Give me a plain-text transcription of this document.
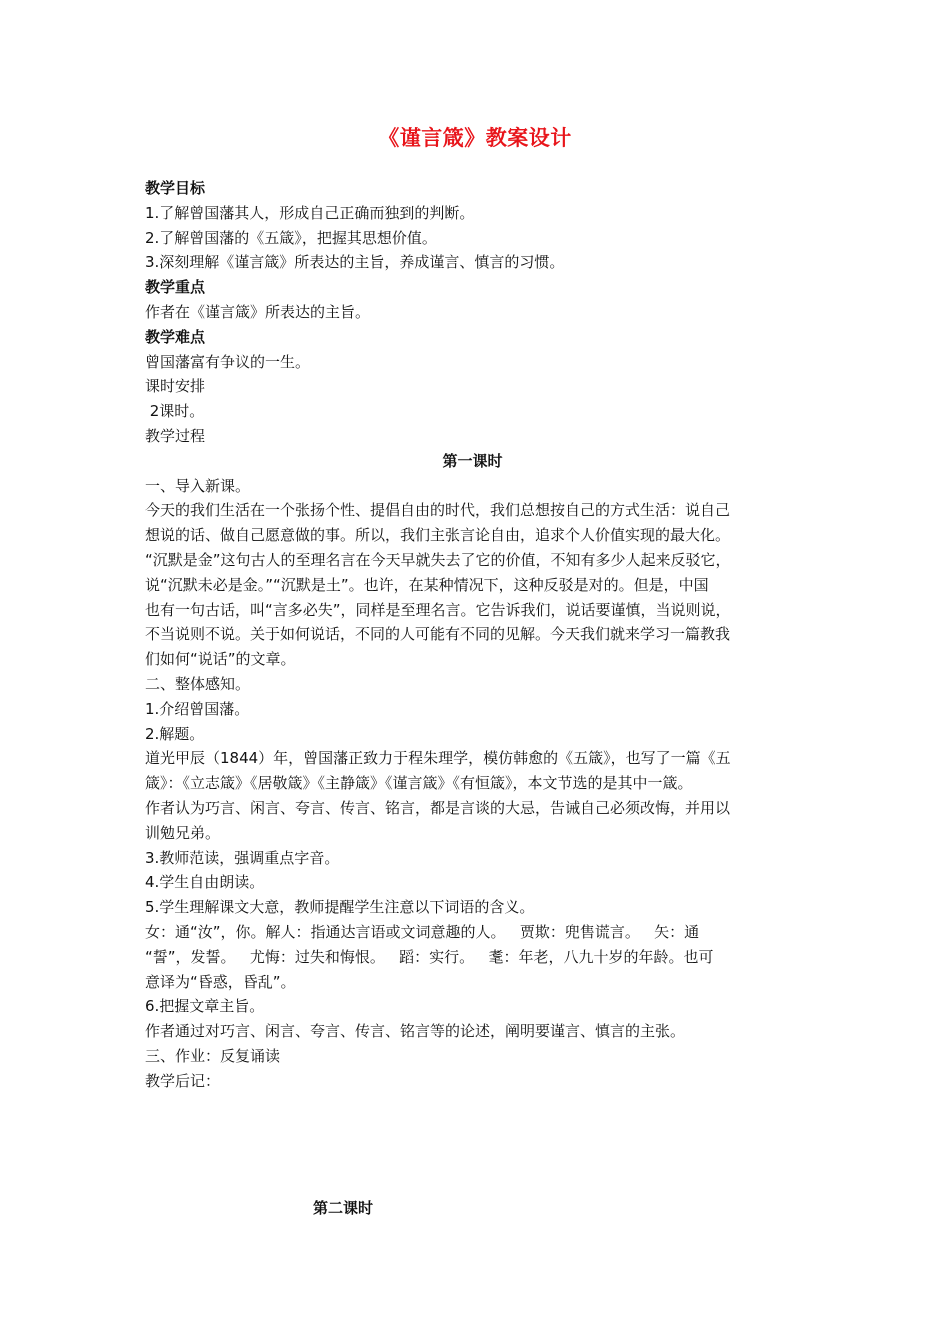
《谨言箴》教案设计
教学目标
1.了解曾国藩其人，形成自己正确而独到的判断。
2.了解曾国藩的《五箴》，把握其思想价值。
3.深刻理解《谨言箴》所表达的主旨，养成谨言、慎言的习惯。
教学重点
作者在《谨言箴》所表达的主旨。
教学难点
曾国藩富有争议的一生。
课时安排
2课时。
教学过程
第一课时
一、导入新课。
今天的我们生活在一个张扬个性、提倡自由的时代，我们总想按自己的方式生活：说自己
想说的话、做自己愿意做的事。所以，我们主张言论自由，追求个人价值实现的最大化。
“沉默是金”这句古人的至理名言在今天早就失去了它的价值，不知有多少人起来反驳它，
说“沉默未必是金。”“沉默是土”。也许，在某种情况下，这种反驳是对的。但是，中国
也有一句古话，叫“言多必失”，同样是至理名言。它告诉我们，说话要谨慎，当说则说，
不当说则不说。关于如何说话，不同的人可能有不同的见解。今天我们就来学习一篇教我
们如何“说话”的文章。
二、整体感知。
1.介绍曾国藩。
2.解题。
道光甲辰（1844）年，曾国藩正致力于程朱理学，模仿韩愈的《五箴》，也写了一篇《五
箴》：《立志箴》《居敬箴》《主静箴》《谨言箴》《有恒箴》，本文节选的是其中一箴。
作者认为巧言、闲言、夸言、传言、铭言，都是言谈的大忌，告诫自己必须改悔，并用以
训勉兄弟。
3.教师范读，强调重点字音。
4.学生自由朗读。
5.学生理解课文大意，教师提醒学生注意以下词语的含义。
女：通“汝”，你。解人：指通达言语或文词意趣的人。   贾欺：兜售谎言。   矢：通
“誓”，发誓。   尤悔：过失和悔恨。   蹈：实行。   耄：年老，八九十岁的年龄。也可
意译为“昏惑，昏乱”。
6.把握文章主旨。
作者通过对巧言、闲言、夸言、传言、铭言等的论述，阐明要谨言、慎言的主张。
三、作业：反复诵读
教学后记：
第二课时
